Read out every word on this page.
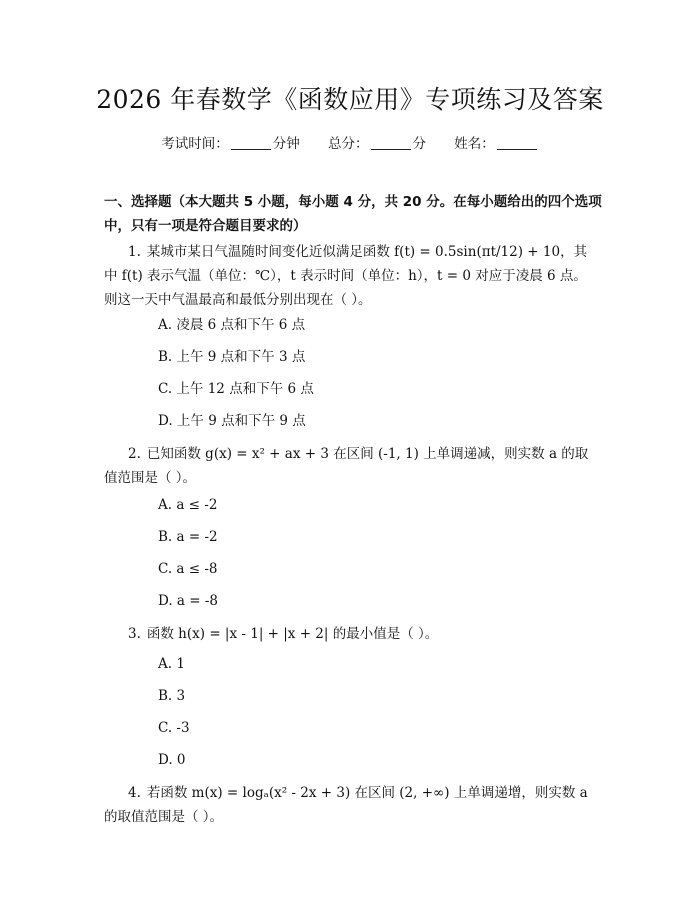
2026 年春数学《函数应用》专项练习及答案
考试时间：	分钟 总分：	分 姓名：
一、选择题（本大题共 5 小题，每小题 4 分，共 20 分。在每小题给出的四个选项中，只有一项是符合题目要求的）
1. 某城市某日气温随时间变化近似满足函数 f(t) = 0.5sin(πt/12) + 10，其中 f(t) 表示气温（单位：℃），t 表示时间（单位：h），t = 0 对应于凌晨 6 点。则这一天中气温最高和最低分别出现在（ ）。
A. 凌晨 6 点和下午 6 点
B. 上午 9 点和下午 3 点
C. 上午 12 点和下午 6 点
D. 上午 9 点和下午 9 点
2. 已知函数 g(x) = x² + ax + 3 在区间 (-1, 1) 上单调递减，则实数 a 的取值范围是（ ）。
A. a ≤ -2
B. a = -2
C. a ≤ -8
D. a = -8
3. 函数 h(x) = |x - 1| + |x + 2| 的最小值是（ ）。
A. 1
B. 3
C. -3
D. 0
4. 若函数 m(x) = logₐ(x² - 2x + 3) 在区间 (2, +∞) 上单调递增，则实数 a 的取值范围是（ ）。
